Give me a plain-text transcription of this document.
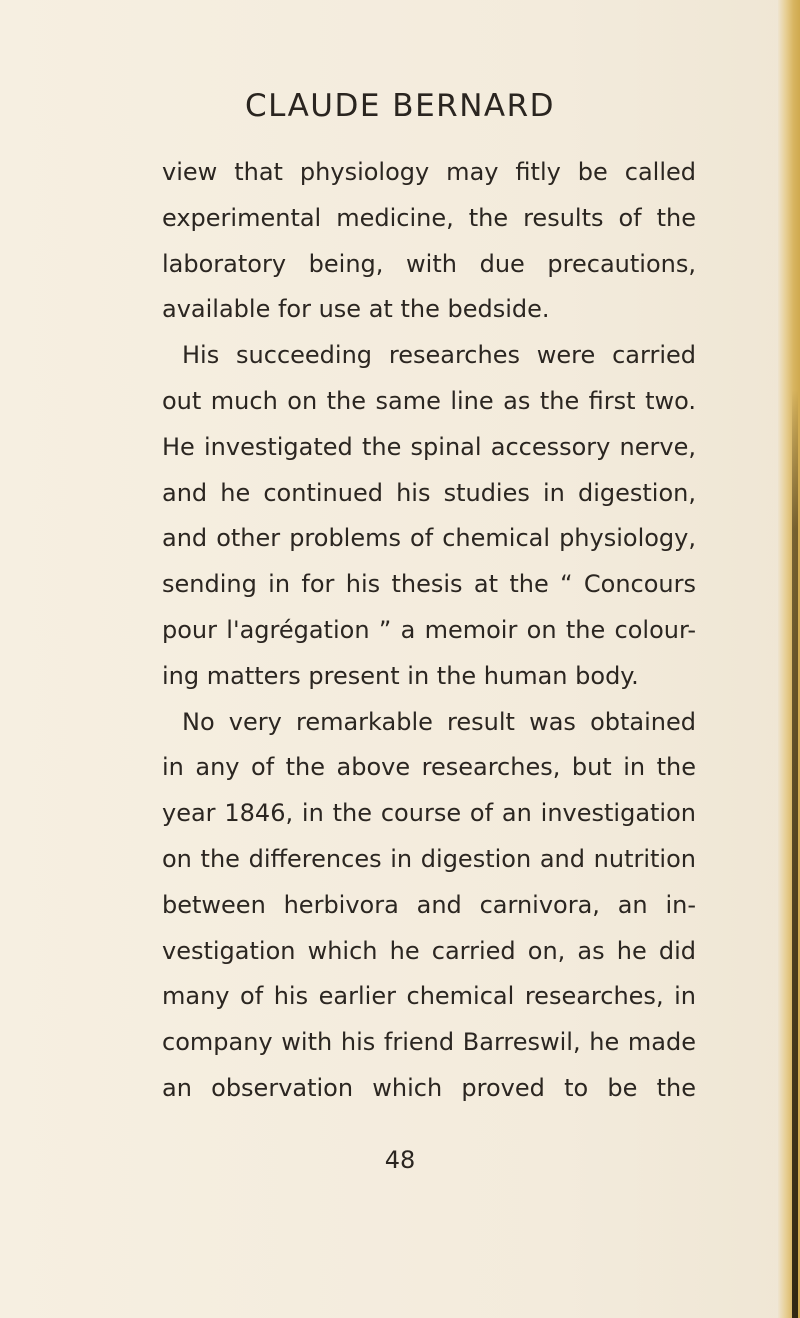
CLAUDE BERNARD
view that physiology may fitly be called
experimental medicine, the results of the
laboratory being, with due precautions,
available for use at the bedside.
His succeeding researches were carried
out much on the same line as the first two.
He investigated the spinal accessory nerve,
and he continued his studies in digestion,
and other problems of chemical physiology,
sending in for his thesis at the “ Concours
pour l'agrégation ” a memoir on the colour-
ing matters present in the human body.
No very remarkable result was obtained
in any of the above researches, but in the
year 1846, in the course of an investigation
on the differences in digestion and nutrition
between herbivora and carnivora, an in-
vestigation which he carried on, as he did
many of his earlier chemical researches, in
company with his friend Barreswil, he made
an observation which proved to be the
48
